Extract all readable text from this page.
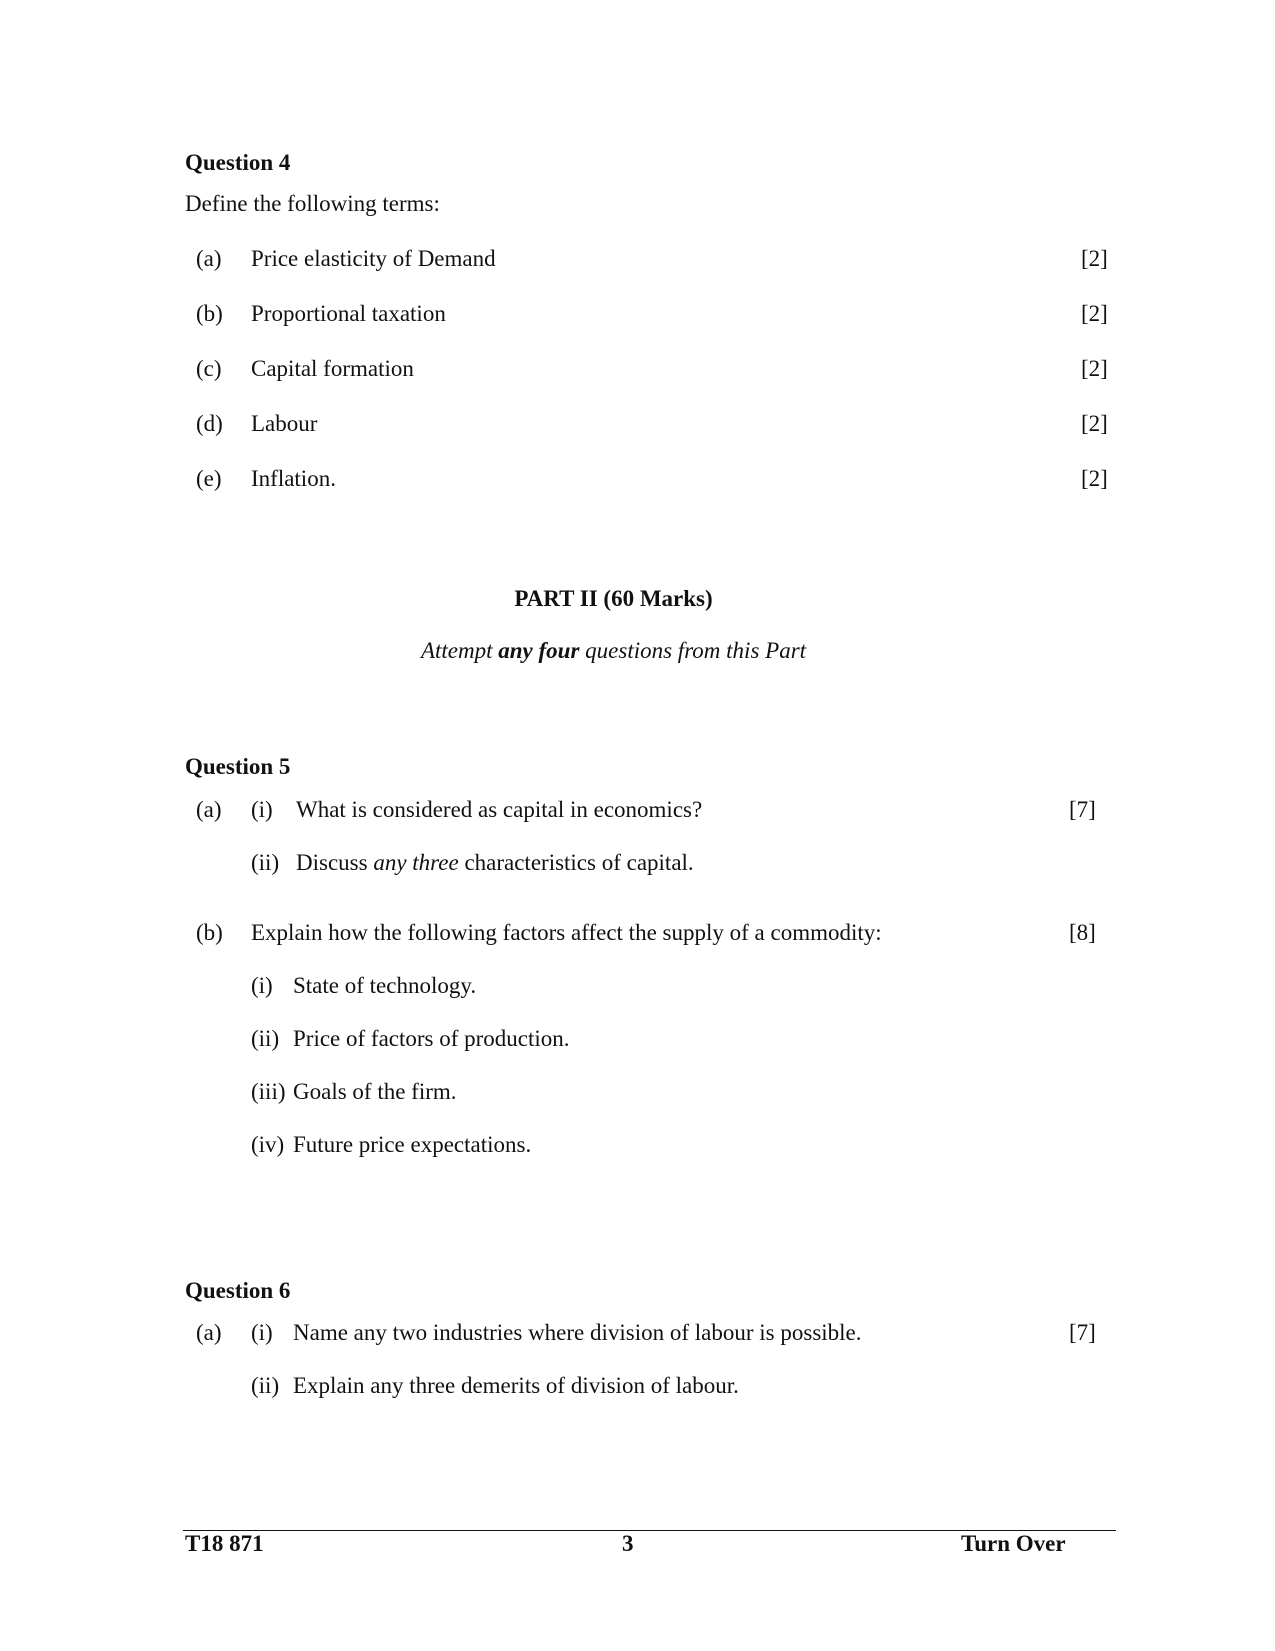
Question 4
Define the following terms:
(a) Price elasticity of Demand	[2]
(b) Proportional taxation	[2]
(c) Capital formation	[2]
(d) Labour	[2]
(e) Inflation.	[2]
PART II (60 Marks)
Attempt any four questions from this Part
Question 5
(a) (i) What is considered as capital in economics?	[7]
(ii) Discuss any three characteristics of capital.
(b) Explain how the following factors affect the supply of a commodity:	[8]
(i) State of technology.
(ii) Price of factors of production.
(iii) Goals of the firm.
(iv) Future price expectations.
Question 6
(a) (i) Name any two industries where division of labour is possible.	[7]
(ii) Explain any three demerits of division of labour.
T18 871	3	Turn Over
